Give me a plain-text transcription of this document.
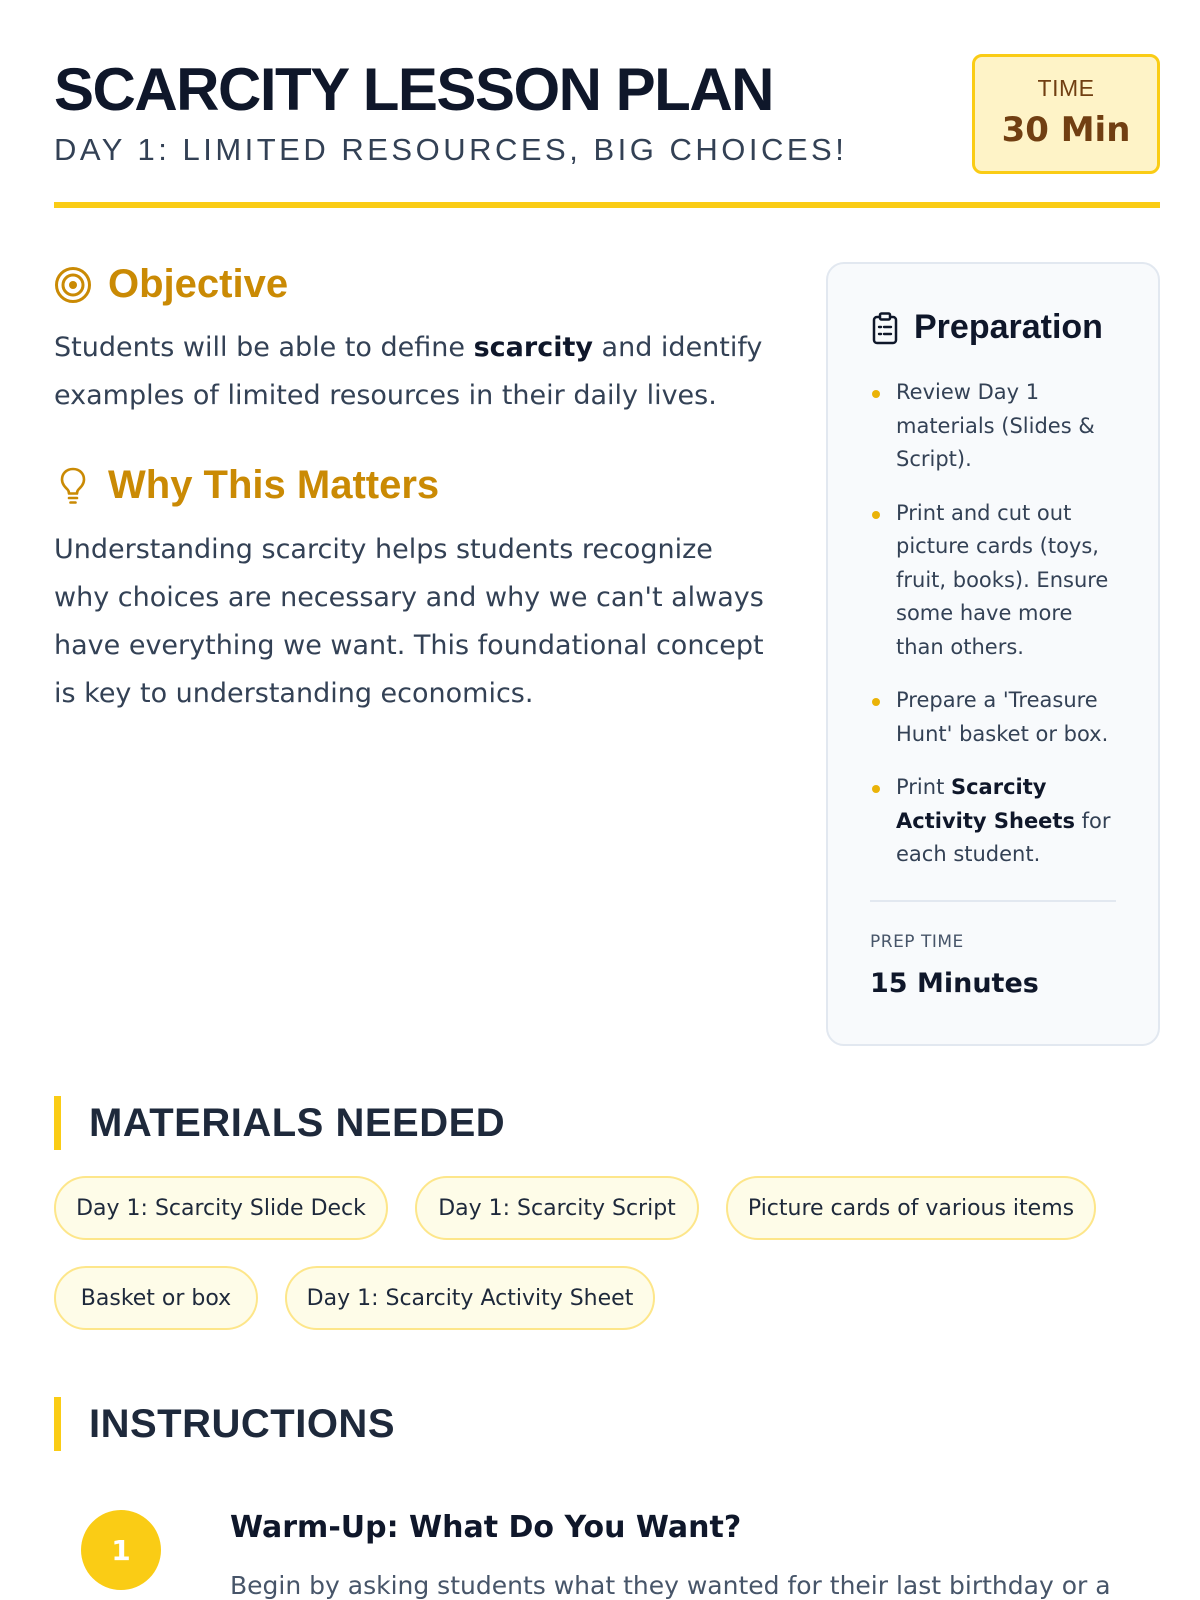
SCARCITY LESSON PLAN
DAY 1: LIMITED RESOURCES, BIG CHOICES!
TIME
30 Min
Objective

Students will be able to define scarcity and identify examples of limited resources in their daily lives.

Why This Matters

Understanding scarcity helps students recognize why choices are necessary and why we can't always have everything we want. This foundational concept is key to understanding economics.

Preparation
Review Day 1 materials (Slides & Script).
Print and cut out picture cards (toys, fruit, books). Ensure some have more than others.
Prepare a 'Treasure Hunt' basket or box.
Print Scarcity Activity Sheets for each student.
PREP TIME
15 Minutes
MATERIALS NEEDED
Day 1: Scarcity Slide Deck	Day 1: Scarcity Script	Picture cards of various items
Basket or box	Day 1: Scarcity Activity Sheet
INSTRUCTIONS
1
Warm-Up: What Do You Want?
Begin by asking students what they wanted for their last birthday or a
